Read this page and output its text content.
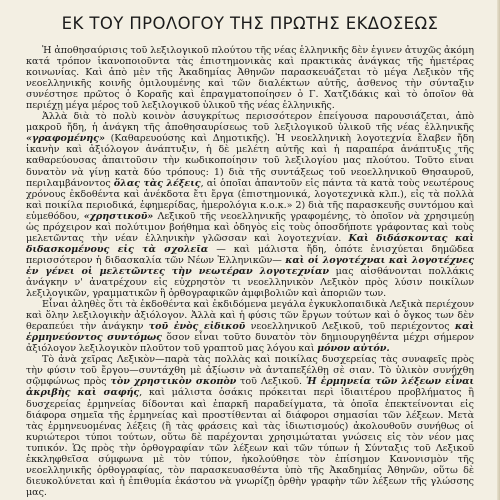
ΕΚ ΤΟΥ ΠΡΟΛΟΓΟΥ ΤΗΣ ΠΡΩΤΗΣ ΕΚΔΟΣΕΩΣ

Ἡ ἀποθησαύρισις τοῦ λεξιλογικοῦ πλούτου τῆς νέας ἑλληνικῆς δὲν ἐγινεν ἀτυχῶς ἀκόμη κατά τρόπον ἱκανοποιοῦντα τὰς ἐπιστημονικὰς καὶ πρακτικὰς ἀνάγκας τῆς ἡμετέρας κοινωνίας. Καὶ ἀπὸ μὲν τῆς Ἀκαδημίας Ἀθηνῶν παρασκευάζεται τὸ μέγα Λεξικὸν τῆς νεοελληνικῆς κοινῆς ὁμιλουμένης καὶ τῶν διαλέκτων αὐτῆς, ἀσθενος τὴν σύνταξιν συνέστησε πρῶτος ὁ Κοραῆς καὶ ἐπραγματοποίησεν ὁ Γ. Χατζιδάκις καὶ τὸ ὁποῖον θὰ περιέχῃ μέγα μέρος τοῦ λεξιλογικοῦ ὑλικοῦ τῆς νέας ἑλληνικῆς.

Ἀλλὰ διὰ τὸ πολὺ κοινὸν ἀσυγκρίτως περισσότερον ἐπείγουσα παρουσιάζεται, ἀπὸ μακροῦ ἤδη, ἡ ἀνάγκη τῆς ἀποθησαυρίσεως τοῦ λεξιλογικοῦ ὑλικοῦ τῆς νέας ἑλληνικῆς «γραφομένης» (Καθαρευούσης καὶ Δημοτικῆς). Ἡ νεοελληνικὴ λογοτεχνία ἔλαβεν ἤδη ἱκανὴν καὶ ἀξιόλογον ἀνάπτυξιν, ἡ δὲ μελέτη αὐτῆς καὶ ἡ παραπέρα ἀνάπτυξις τῆς καθαρεύουσας ἀπαιτοῦσιν τὴν κωδικοποίησιν τοῦ λεξιλογίου μας πλούτου. Τοῦτο εἶναι δυνατὸν νὰ γίνῃ κατὰ δύο τρόπους: 1) διὰ τῆς συντάξεως τοῦ νεοελληνικοῦ Θησαυροῦ, περιλαμβάνοντος ὅλας τὰς λέξεις, αἱ ὁποῖαι ἀπαντοῦν εἰς πάντα τὰ κατὰ τοὺς νεωτέρους χρόνους ἐκδοθέντα καὶ ἀνέκδοτα ἔτι ἔργα (ἐπιστημονικά, λογοτεχνικὰ κλπ.), εἰς τὰ πολλὰ καὶ ποικίλα περιοδικά, ἐφημερίδας, ἡμερολόγια κ.ο.κ.» 2) διὰ τῆς παρασκευῆς συντόμου καὶ εὐμεθόδου, «χρηστικοῦ» Λεξικοῦ τῆς νεοελληνικῆς γραφομένης, τὸ ὁποῖον νὰ χρησιμεύῃ ὡς πρόχειρον καὶ πολύτιμον βοήθημα καὶ ὁδηγὸς εἰς τοὺς ὁποσδήποτε γράφοντας καὶ τοὺς μελετῶντας τὴν νέαν ἑλληνικὴν γλῶσσαν καὶ λογοτεχνίαν. Καὶ διδάσκοντας καὶ διδασκομένους εἰς τὰ σχολεῖα — καὶ μάλιστα ἤδη, ὁπότε ἐνισχύεται δημῶδεα περισσότερον ἡ διδασκαλία τῶν Νέων Ἑλληνικῶν— καὶ οἱ λογοτέχναι καὶ λογοτέχνες ἐν γένει οἱ μελετῶντες τὴν νεωτέραν λογοτεχνίαν μας αἰσθάνονται πολλάκις ἀνάγκην ν' ἀνατρέχουν εἰς εὐχρηστὸν τι νεοελληνικὸν Λεξικὸν πρὸς λύσιν ποικίλων λεξιλογικῶν, γραμματικῶν ἢ ὀρθογραφικῶν ἀμφιβολιῶν καὶ ἀποριῶν των.

Εἶναι ἀληθὲς ὅτι τὰ ἐκδοθέντα καὶ ἐκδιδόμενα μεγάλα ἐγκυκλοπαιδικὰ Λεξικὰ περιέχουν καὶ ὅλην λεξιλογικὴν ἀξιόλογον. Ἀλλὰ καὶ ἡ φύσις τῶν ἔργων τούτων καὶ ὁ ὄγκος των δὲν θεραπεύει τὴν ἀνάγκην τοῦ ἐνὸς εἰδικοῦ νεοελληνικοῦ Λεξικοῦ, τοῦ περιέχοντος καὶ ἑρμηνεύοντος συντόμως ὅσον εἶναι τοῦτο δυνατὸν τὸν δημιουργηθέντα μέχρι σήμερον ἀξιόλογον λεξιλογικὸν πλοῦτον τοῦ γραπτοῦ μας λόγου καὶ μόνον αὐτόν.

Τὸ ἀνὰ χεῖρας Λεξικὸν—παρὰ τὰς πολλὰς καὶ ποικίλας δυσχερείας τὰς συναφεῖς πρὸς τὴν φύσιν τοῦ ἔργου—συντάχθη μὲ ἀξίωσιν νὰ ἀνταπεξέλθῃ σὲ σιαν. Τὸ ὑλικὸν συνήχθη σῷμφώνως πρὸς τὸν χρηστικὸν σκοπὸν τοῦ Λεξικοῦ. Ἡ ἑρμηνεία τῶν λέξεων εἶναι ἀκριβὴς καὶ σαφής, καὶ μάλιστα ὁσάκις πρόκειται περὶ ἰδιαιτέρου προβλήματος ἢ δυσχερείας ἑρμηνείας δίδονται καὶ ἐπαρκῆ παραδείγματα, τὰ ὁποῖα ἐπεκτείνονται εἰς διάφορα σημεῖα τῆς ἑρμηνείας καὶ προστίθενται αἱ διάφοροι σημασίαι τῶν λέξεων. Μετὰ τὰς ἑρμηνευομένας λέξεις (ἢ τὰς φράσεις καὶ τὰς ἰδιωτισμούς) ἀκολουθοῦν συνήθως οἱ κυριώτεροι τύποι τούτων, οὕτω δὲ παρέχονται χρησιμώταται γνώσεις εἰς τὸν νέον μας τυπικόν. Ὡς πρὸς τὴν ὀρθογραφίαν τῶν λέξεων καὶ τῶν τύπων ἡ Σύνταξις τοῦ Λεξικοῦ ἐκκληφθεῖσα σύμφωνα μὲ τὸν τύπον, ἠκολούθησε τὸν ἐπίσημον Κανονισμὸν τῆς νεοελληνικῆς ὀρθογραφίας, τὸν παρασκευασθέντα ὑπὸ τῆς Ἀκαδημίας Ἀθηνῶν, οὕτω δὲ διευκολύνεται καὶ ἡ ἐπιθυμία ἐκάστου νὰ γνωρίζῃ ὀρθὴν γραφὴν τῶν λέξεων τῆς γλώσσης μας.
